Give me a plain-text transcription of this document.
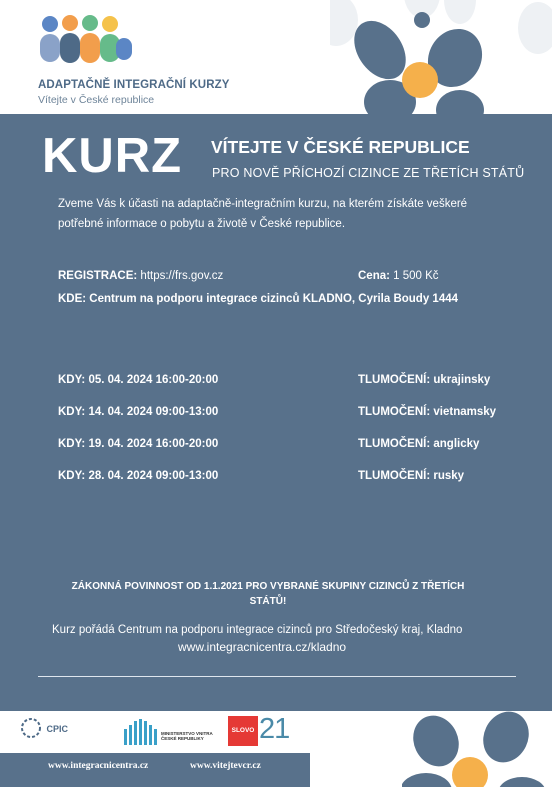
ADAPTAČNĚ INTEGRAČNÍ KURZY
Vítejte v České republice
KURZ VÍTEJTE V ČESKÉ REPUBLICE
PRO NOVĚ PŘÍCHOZÍ CIZINCE ZE TŘETÍCH STÁTŮ
Zveme Vás k účasti na adaptačně-integračním kurzu, na kterém získáte veškeré potřebné informace o pobytu a životě v České republice.
REGISTRACE: https://frs.gov.cz	Cena: 1 500 Kč
KDE: Centrum na podporu integrace cizinců KLADNO, Cyrila Boudy 1444
KDY: 05. 04. 2024 16:00-20:00	TLUMOČENÍ: ukrajinsky
KDY: 14. 04. 2024 09:00-13:00	TLUMOČENÍ: vietnamsky
KDY: 19. 04. 2024 16:00-20:00	TLUMOČENÍ: anglicky
KDY: 28. 04. 2024 09:00-13:00	TLUMOČENÍ: rusky
ZÁKONNÁ POVINNOST OD 1.1.2021 PRO VYBRANÉ SKUPINY CIZINCŮ Z TŘETÍCH STÁTŮ!
Kurz pořádá Centrum na podporu integrace cizinců pro Středočeský kraj, Kladno
www.integracnicentra.cz/kladno
CPIC	MINISTERSTVO VNITRA ČESKÉ REPUBLIKY
SLOVO 21
www.integracnicentra.cz	www.vitejtevcr.cz
